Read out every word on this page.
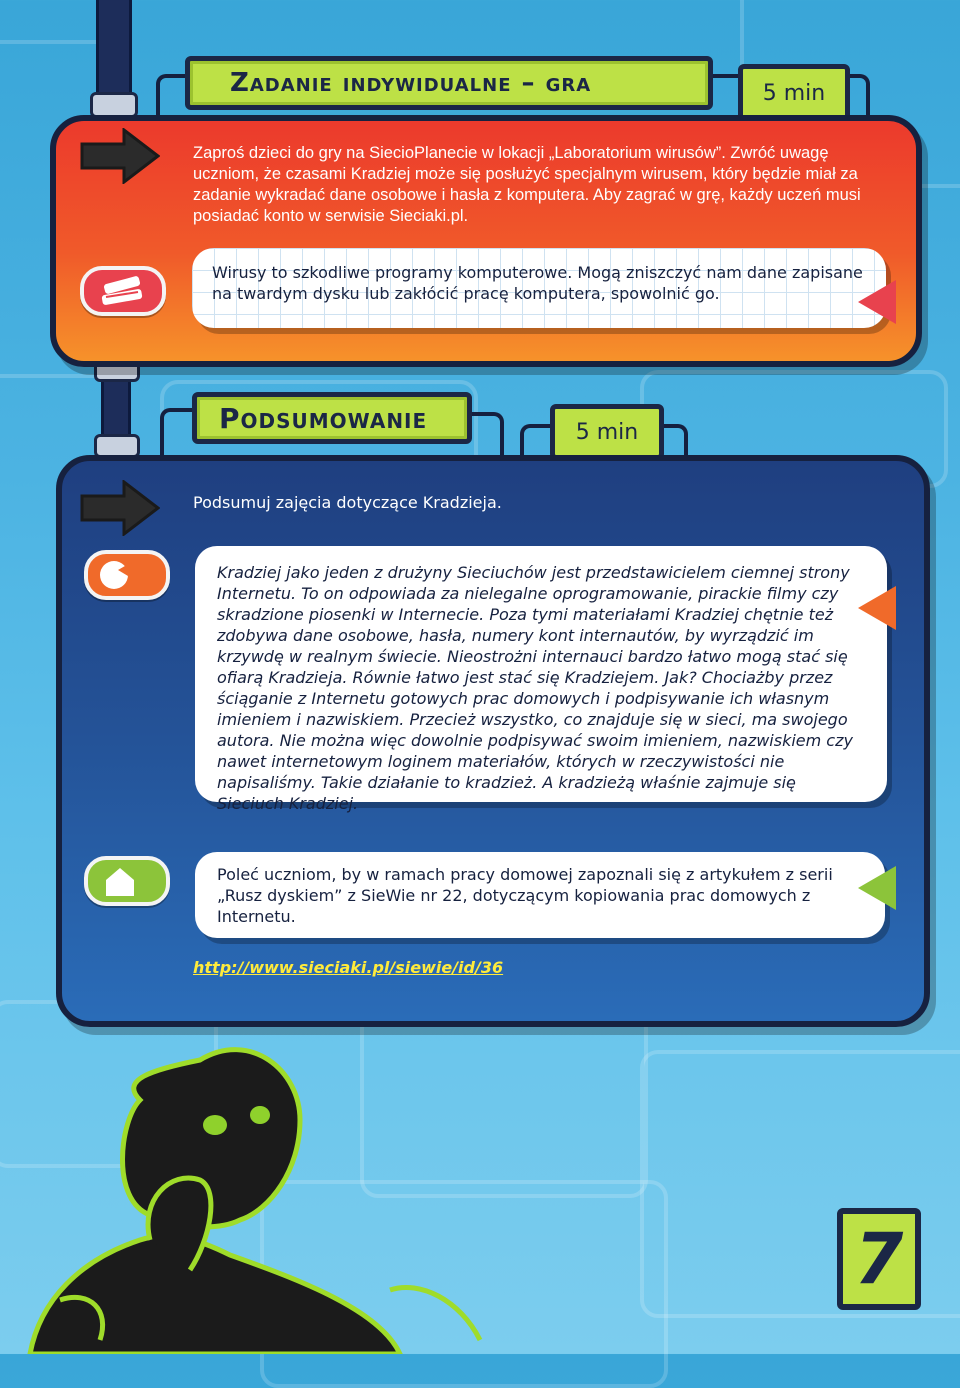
Zadanie indywidualne – gra	5 min
Zaproś dzieci do gry na SiecioPlanecie w lokacji „Laboratorium wirusów”. Zwróć uwagę uczniom, że czasami Kradziej może się posłużyć specjalnym wirusem, który będzie miał za zadanie wykradać dane osobowe i hasła z komputera. Aby zagrać w grę, każdy uczeń musi posiadać konto w serwisie Sieciaki.pl.
Wirusy to szkodliwe programy komputerowe. Mogą zniszczyć nam dane zapisane na twardym dysku lub zakłócić pracę komputera, spowolnić go.
Podsumowanie	5 min
Podsumuj zajęcia dotyczące Kradzieja.
Kradziej jako jeden z drużyny Sieciuchów jest przedstawicielem ciemnej strony Internetu. To on odpowiada za nielegalne oprogramowanie, pirackie filmy czy skradzione piosenki w Internecie. Poza tymi materiałami Kradziej chętnie też zdobywa dane osobowe, hasła, numery kont internautów, by wyrządzić im krzywdę w realnym świecie. Nieostrożni internauci bardzo łatwo mogą stać się ofiarą Kradzieja. Równie łatwo jest stać się Kradziejem. Jak? Chociażby przez ściąganie z Internetu gotowych prac domowych i podpisywanie ich własnym imieniem i nazwiskiem. Przecież wszystko, co znajduje się w sieci, ma swojego autora. Nie można więc dowolnie podpisywać swoim imieniem, nazwiskiem czy nawet internetowym loginem materiałów, których w rzeczywistości nie napisaliśmy. Takie działanie to kradzież. A kradzieżą właśnie zajmuje się Sieciuch Kradziej.
Poleć uczniom, by w ramach pracy domowej zapoznali się z artykułem z serii „Rusz dyskiem” z SieWie nr 22, dotyczącym kopiowania prac domowych z Internetu.
http://www.sieciaki.pl/siewie/id/36
7
